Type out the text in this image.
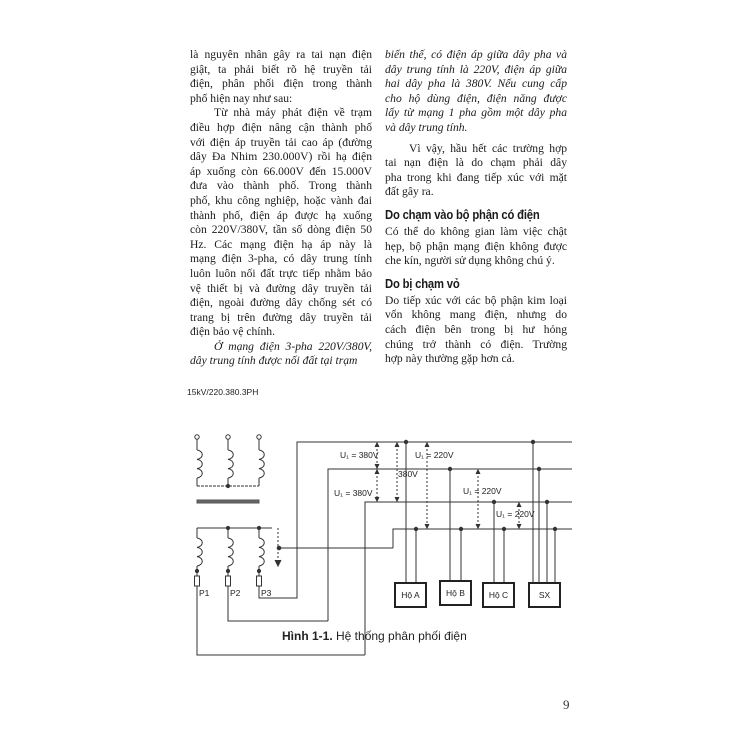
là nguyên nhân gây ra tai nạn điện
giật, ta phải biết rõ hệ truyền tải
điện, phân phối điện trong thành
phố hiện nay như sau:
Từ nhà máy phát điện về trạm
điều hợp điện nâng cận thành phố
với điện áp truyền tải cao áp (đường
dây Đa Nhim 230.000V) rồi hạ điện
áp xuống còn 66.000V đến 15.000V
đưa vào thành phố. Trong thành
phố, khu công nghiệp, hoặc vành đai
thành phố, điện áp được hạ xuống
còn 220V/380V, tần số dòng điện 50
Hz. Các mạng điện hạ áp này là
mạng điện 3-pha, có dây trung tính
luôn luôn nối đất trực tiếp nhằm bảo
vệ thiết bị và đường dây truyền tải
điện, ngoài đường dây chống sét có
trang bị trên đường dây truyền tải
điện bảo vệ chính.
Ở mạng điện 3-pha 220V/380V,
dây trung tính được nối đất tại trạm
biến thế, có điện áp giữa dây pha và
dây trung tính là 220V, điện áp giữa
hai dây pha là 380V. Nếu cung cấp
cho hộ dùng điện, điện năng được
lấy từ mạng 1 pha gồm một dây pha
và dây trung tính.
Vì vậy, hầu hết các trường hợp
tai nạn điện là do chạm phải dây
pha trong khi đang tiếp xúc với mặt
đất gây ra.
Do chạm vào bộ phận có điện
Có thể do không gian làm việc chật
hẹp, bộ phận mạng điện không được
che kín, người sử dụng không chú ý.
Do bị chạm vỏ
Do tiếp xúc với các bộ phận kim loại
vốn không mang điện, nhưng do
cách điện bên trong bị hư hỏng
chúng trở thành có điện. Trường
hợp này thường gặp hơn cả.
15kV/220.380.3PH
Hộ A	Hộ B	Hộ C	SX
P1 P2 P3
U₁ = 380V	U₁ = 220V
380V
U₁ = 380V	U₁ = 220V
U₁ = 220V
Hình 1-1. Hệ thống phân phối điện
9
